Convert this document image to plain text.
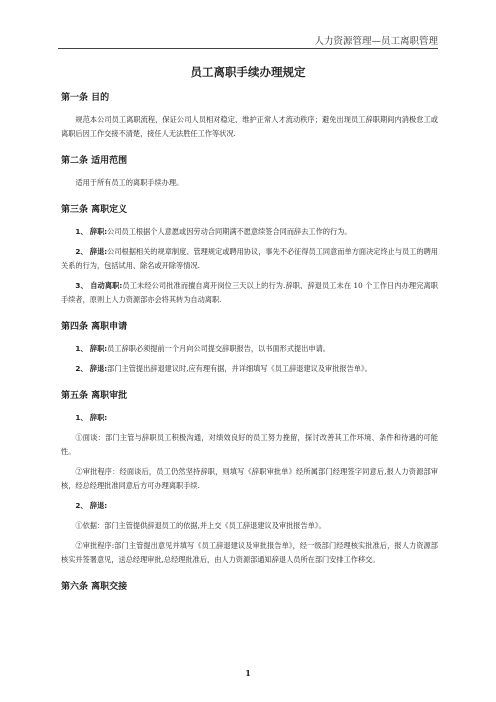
人力资源管理—员工离职管理
员工离职手续办理规定
第一条 目的
规范本公司员工离职流程，保证公司人员相对稳定、维护正常人才流动秩序；避免出现员工辞职期间内消极怠工或离职后因工作交接不清楚，接任人无法胜任工作等状况.
第二条 适用范围
适用于所有员工的离职手续办理。
第三条 离职定义
1、 辞职:公司员工根据个人意愿或因劳动合同期满不愿意续签合同而辞去工作的行为。
2、 辞退:公司根据相关的规章制度、管理规定或聘用协议，事先不必征得员工同意而单方面决定终止与员工的聘用关系的行为，包括试用、除名或开除等情况.
3、 自动离职:员工未经公司批准而擅自离开岗位三天以上的行为.辞职、辞退员工未在 10 个工作日内办理完离职手续者，原则上人力资源部亦会将其转为自动离职.
第四条 离职申请
1、 辞职:员工辞职必须提前一个月向公司提交辞职报告，以书面形式提出申请。
2、 辞退:部门主管提出辞退建议时,应有理有据，并详细填写《员工辞退建议及审批报告单》。
第五条 离职审批
1、 辞职:
①面谈：部门主管与辞职员工积极沟通，对绩效良好的员工努力挽留，探讨改善其工作环境、条件和待遇的可能性。
②审批程序：经面谈后，员工仍然坚持辞职，则填写《辞职审批单》经所属部门经理签字同意后,报人力资源部审核，经总经理批准同意后方可办理离职手续.
2、 辞退:
①依据：部门主管提供辞退员工的依据,并上交《员工辞退建议及审批报告单》。
②审批程序:部门主管提出意见并填写《员工辞退建议及审批报告单》，经一级部门经理核实批准后，报人力资源部核实并签署意见，送总经理审批,总经理批准后，由人力资源部通知辞退人员所在部门安排工作移交。
第六条 离职交接
1
